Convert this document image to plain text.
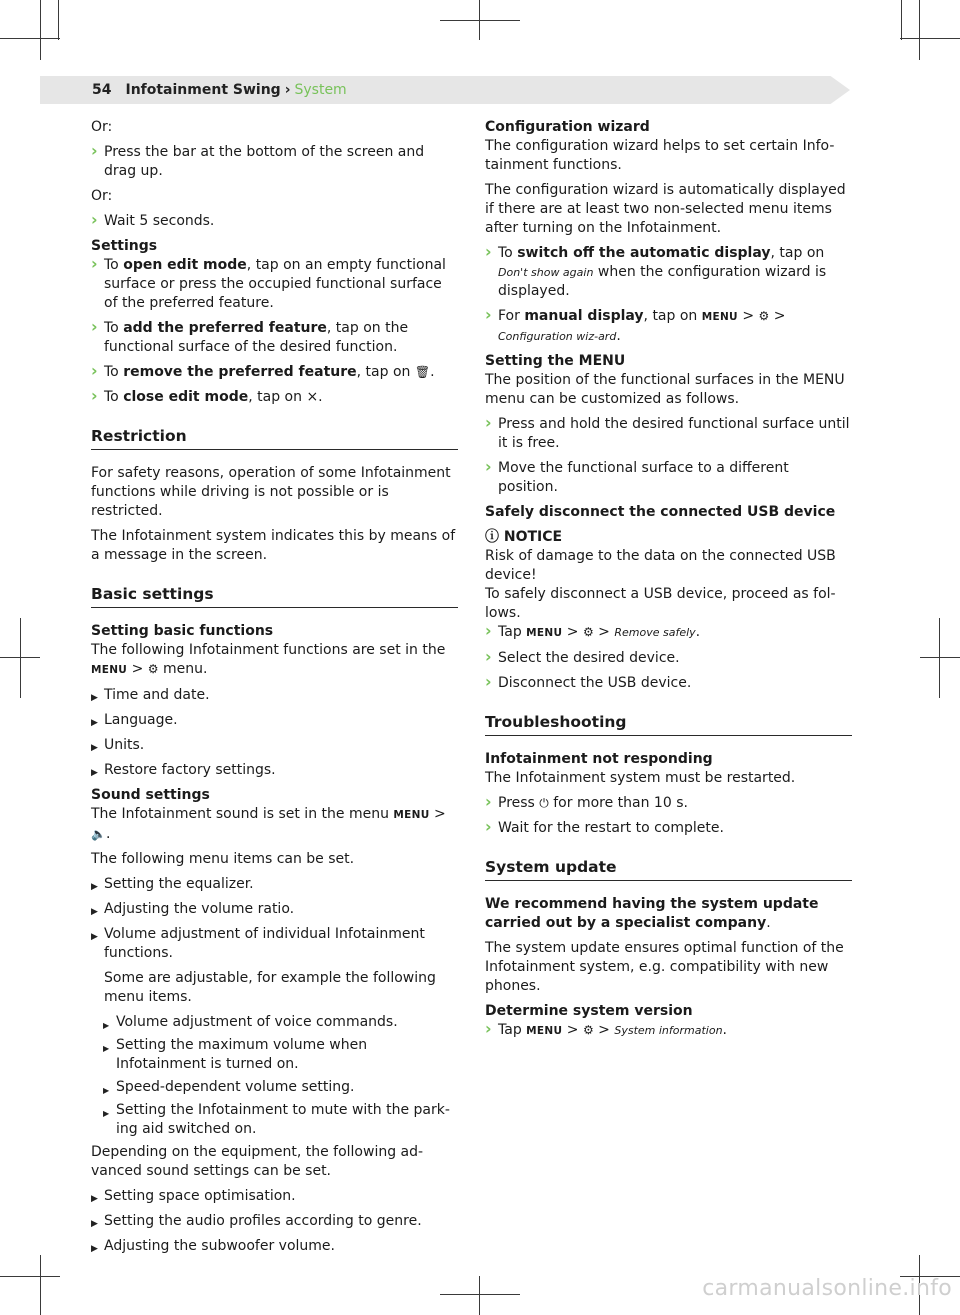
54 Infotainment Swing › System

Or:

› Press the bar at the bottom of the screen and drag up.

Or:

› Wait 5 seconds.

Settings

› To open edit mode, tap on an empty functional surface or press the occupied functional surface of the preferred feature.
› To add the preferred feature, tap on the functional surface of the desired function.
› To remove the preferred feature, tap on 🗑.
› To close edit mode, tap on ×.
Restriction

For safety reasons, operation of some Infotainment functions while driving is not possible or is restricted.

The Infotainment system indicates this by means of a message in the screen.

Basic settings

Setting basic functions

The following Infotainment functions are set in the
MENU > ⚙ menu.

▶ Time and date.
▶ Language.
▶ Units.
▶ Restore factory settings.

Sound settings

The Infotainment sound is set in the menu MENU > 🔈.

The following menu items can be set.

▶ Setting the equalizer.
▶ Adjusting the volume ratio.
▶ Volume adjustment of individual Infotainment functions.

Some are adjustable, for example the following menu items.

▶ Volume adjustment of voice commands.
▶ Setting the maximum volume when Infotainment is turned on.
▶ Speed-dependent volume setting.
▶ Setting the Infotainment to mute with the park-ing aid switched on.

Depending on the equipment, the following ad-vanced sound settings can be set.

▶ Setting space optimisation.
▶ Setting the audio profiles according to genre.
▶ Adjusting the subwoofer volume.

Configuration wizard

The configuration wizard helps to set certain Info-tainment functions.

The configuration wizard is automatically displayed if there are at least two non-selected menu items after turning on the Infotainment.

› To switch off the automatic display, tap on Don't show again when the configuration wizard is displayed.
› For manual display, tap on MENU > ⚙ > Configuration wiz-ard.

Setting the MENU

The position of the functional surfaces in the MENU menu can be customized as follows.

› Press and hold the desired functional surface until it is free.
› Move the functional surface to a different position.

Safely disconnect the connected USB device

ⓘ NOTICE

Risk of damage to the data on the connected USB device!

To safely disconnect a USB device, proceed as fol-lows.

› Tap MENU > ⚙ > Remove safely.
› Select the desired device.
› Disconnect the USB device.
Troubleshooting

Infotainment not responding

The Infotainment system must be restarted.

› Press ⏻ for more than 10 s.
› Wait for the restart to complete.
System update

We recommend having the system update carried out by a specialist company.

The system update ensures optimal function of the Infotainment system, e.g. compatibility with new phones.

Determine system version

› Tap MENU > ⚙ > System information.
carmanualsonline.info
